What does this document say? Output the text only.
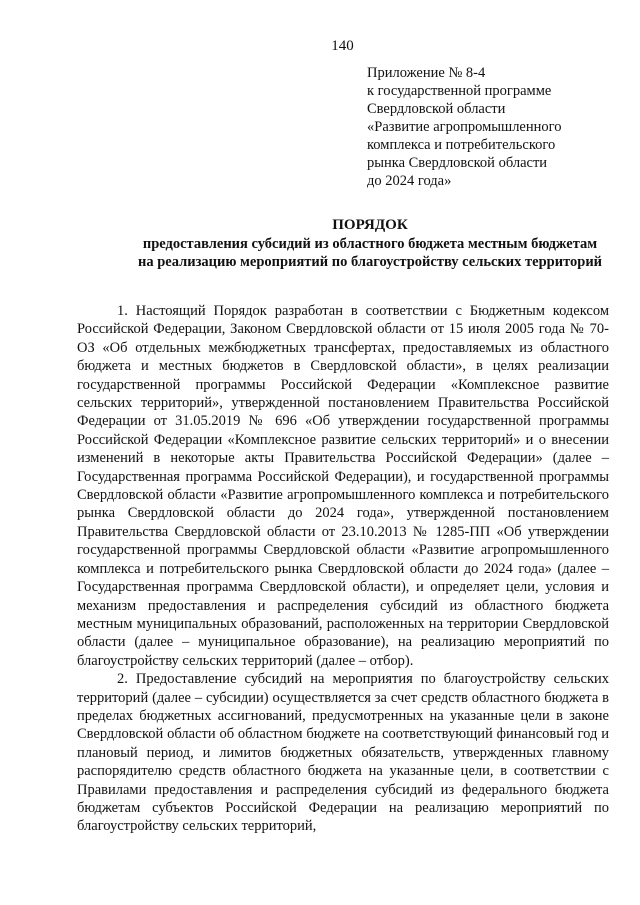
140
Приложение № 8-4
к государственной программе
Свердловской области
«Развитие агропромышленного
комплекса и потребительского
рынка Свердловской области
до 2024 года»
ПОРЯДОК
предоставления субсидий из областного бюджета местным бюджетам
на реализацию мероприятий по благоустройству сельских территорий

1. Настоящий Порядок разработан в соответствии с Бюджетным кодексом Российской Федерации, Законом Свердловской области от 15 июля 2005 года № 70-ОЗ «Об отдельных межбюджетных трансфертах, предоставляемых из областного бюджета и местных бюджетов в Свердловской области», в целях реализации государственной программы Российской Федерации «Комплексное развитие сельских территорий», утвержденной постановлением Правительства Российской Федерации от 31.05.2019 № 696 «Об утверждении государственной программы Российской Федерации «Комплексное развитие сельских территорий» и о внесении изменений в некоторые акты Правительства Российской Федерации» (далее – Государственная программа Российской Федерации), и государственной программы Свердловской области «Развитие агропромышленного комплекса и потребительского рынка Свердловской области до 2024 года», утвержденной постановлением Правительства Свердловской области от 23.10.2013 № 1285-ПП «Об утверждении государственной программы Свердловской области «Развитие агропромышленного комплекса и потребительского рынка Свердловской области до 2024 года» (далее – Государственная программа Свердловской области), и определяет цели, условия и механизм предоставления и распределения субсидий из областного бюджета местным муниципальных образований, расположенных на территории Свердловской области (далее – муниципальное образование), на реализацию мероприятий по благоустройству сельских территорий (далее – отбор).

2. Предоставление субсидий на мероприятия по благоустройству сельских территорий (далее – субсидии) осуществляется за счет средств областного бюджета в пределах бюджетных ассигнований, предусмотренных на указанные цели в законе Свердловской области об областном бюджете на соответствующий финансовый год и плановый период, и лимитов бюджетных обязательств, утвержденных главному распорядителю средств областного бюджета на указанные цели, в соответствии с Правилами предоставления и распределения субсидий из федерального бюджета бюджетам субъектов Российской Федерации на реализацию мероприятий по благоустройству сельских территорий,
